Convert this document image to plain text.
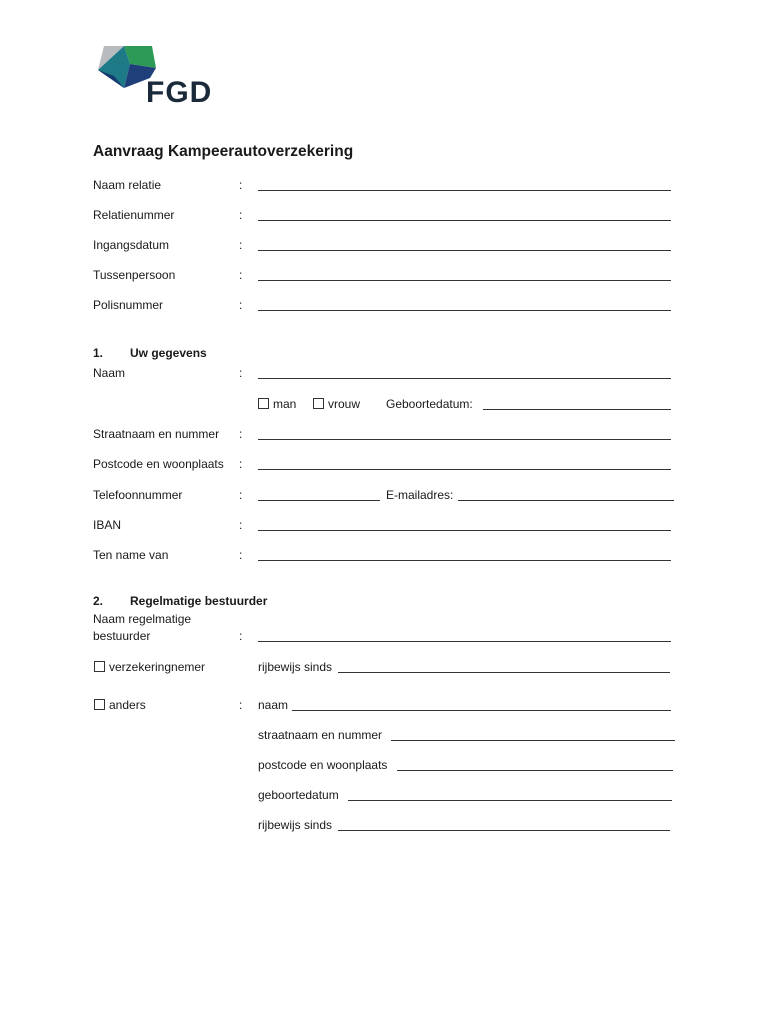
FGD
Aanvraag Kampeerautoverzekering
Naam relatie	:
Relatienummer	:
Ingangsdatum	:
Tussenpersoon	:
Polisnummer	:
1. Uw gegevens
Naam	:
man	vrouw Geboortedatum:
Straatnaam en nummer :
Postcode en woonplaats :
Telefoonnummer	:	E-mailadres:
IBAN	:
Ten name van	:
2. Regelmatige bestuurder
Naam regelmatige
bestuurder	:
verzekeringnemer	rijbewijs sinds
anders	: naam
straatnaam en nummer
postcode en woonplaats
geboortedatum
rijbewijs sinds
